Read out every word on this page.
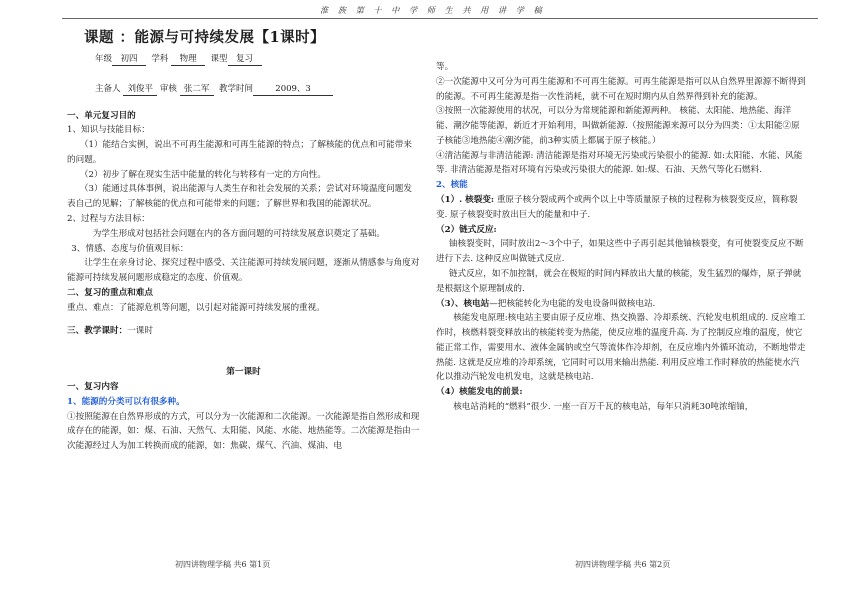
淮 族 第 十 中 学 师 生 共 用 讲 学 稿
课题 ：能源与可持续发展【1课时】
年级 初四 学科 物理 课型 复习
主备人 刘俊平 审核 张二军 教学时间	2009、3

一、单元复习目的

1、知识与技能目标：

（1）能结合实例，说出不可再生能源和可再生能源的特点；了解核能的优点和可能带来的问题。

（2）初步了解在现实生活中能量的转化与转移有一定的方向性。

（3）能通过具体事例，说出能源与人类生存和社会发展的关系；尝试对环境温度问题发表自己的见解；了解核能的优点和可能带来的问题；了解世界和我国的能源状况。

2、过程与方法目标：

为学生形成对包括社会问题在内的各方面问题的可持续发展意识奠定了基础。

3、情感、态度与价值观目标：

让学生在亲身讨论、探究过程中感受、关注能源可持续发展问题，逐渐从情感参与角度对能源可持续发展问题形成稳定的态度、价值观。

二、复习的重点和难点

重点、难点：了能源危机等问题，以引起对能源可持续发展的重视。

三、教学课时：一课时

第一课时

一、复习内容

1、能源的分类可以有很多种。

①按照能源在自然界形成的方式，可以分为一次能源和二次能源。一次能源是指自然形成和现成存在的能源，如：煤、石油、天然气、太阳能、风能、水能、地热能等。二次能源是指由一次能源经过人为加工转换而成的能源，如：焦碳、煤气、汽油、煤油、电

初四讲物理学稿 共6 第1页

等。

②一次能源中又可分为可再生能源和不可再生能源。可再生能源是指可以从自然界里源源不断得到的能源。不可再生能源是指一次性消耗，就不可在短时期内从自然界得到补充的能源。

③按照一次能源使用的状况，可以分为常规能源和新能源两种。 核能、太阳能、地热能、海洋能、潮汐能等能源，新近才开始利用，叫做新能源.（按照能源来源可以分为四类：①太阳能②原子核能③地热能④潮汐能，前3种实质上都属于原子核能。）

④清洁能源与非清洁能源: 清洁能源是指对环境无污染或污染很小的能源. 如:太阳能、水能、风能等. 非清洁能源是指对环境有污染或污染很大的能源. 如:煤、石油、天然气等化石燃料.

2、核能

（1）. 核裂变: 重原子核分裂成两个或两个以上中等质量原子核的过程称为核裂变反应，简称裂变. 原子核裂变时放出巨大的能量和中子.

（2）链式反应:

铀核裂变时，同时放出2～3个中子，如果这些中子再引起其他铀核裂变，有可使裂变反应不断进行下去. 这种反应叫做链式反应.

链式反应，如不加控制，就会在极短的时间内释放出大量的核能，发生猛烈的爆炸，原子弹就是根据这个原理制成的.

（3）、核电站—把核能转化为电能的发电设备叫做核电站.

核能发电原理:核电站主要由原子反应堆、热交换器、冷却系统、汽轮发电机组成的. 反应堆工作时，核燃料裂变释放出的核能转变为热能，使反应堆的温度升高. 为了控制反应堆的温度，使它能正常工作，需要用水、液体金属钠或空气等流体作冷却剂，在反应堆内外循环流动，不断地带走热能. 这就是反应堆的冷却系统，它同时可以用来输出热能. 利用反应堆工作时释放的热能使水汽化以推动汽轮发电机发电，这就是核电站.

（4）核能发电的前景:

核电站消耗的“燃料”很少. 一座一百万千瓦的核电站，每年只消耗30吨浓缩铀，

初四讲物理学稿 共6 第2页
